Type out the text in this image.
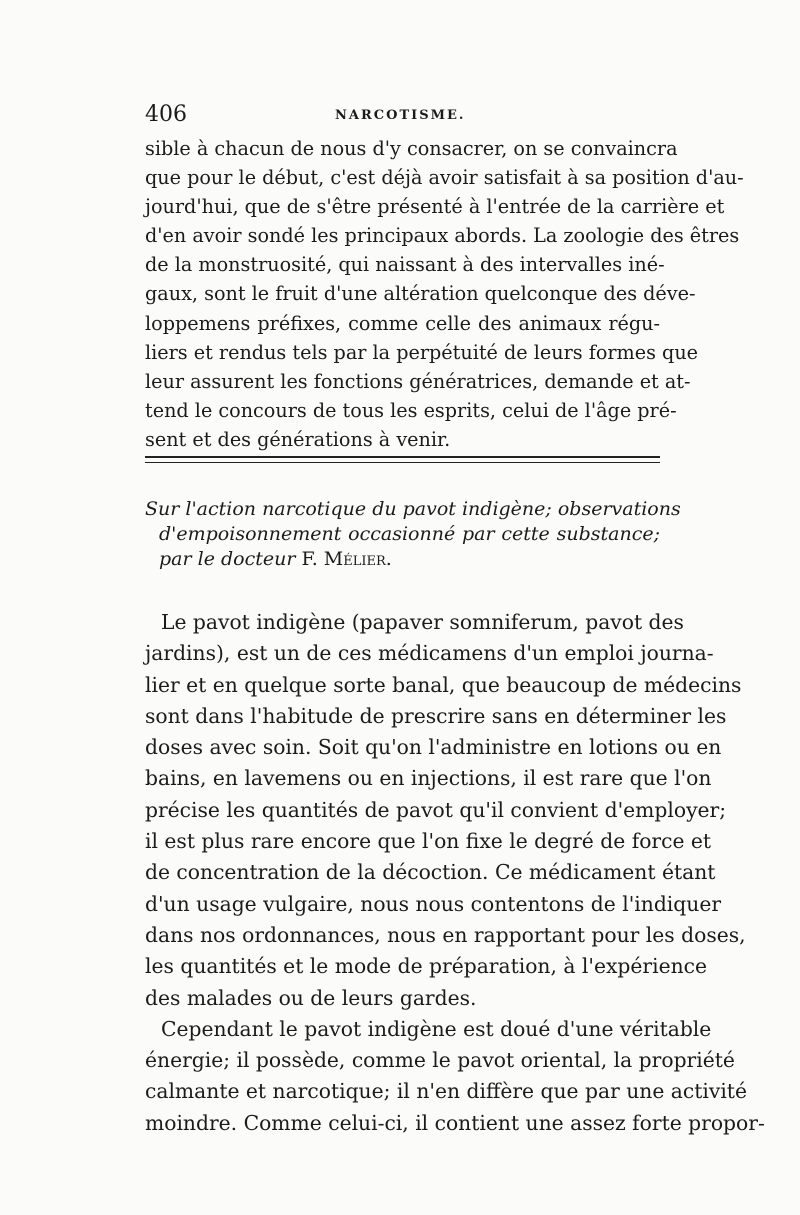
406	NARCOTISME.
sible à chacun de nous d'y consacrer, on se convaincra
que pour le début, c'est déjà avoir satisfait à sa position d'au-
jourd'hui, que de s'être présenté à l'entrée de la carrière et
d'en avoir sondé les principaux abords. La zoologie des êtres
de la monstruosité, qui naissant à des intervalles iné-
gaux, sont le fruit d'une altération quelconque des déve-
loppemens préfixes, comme celle des animaux régu-
liers et rendus tels par la perpétuité de leurs formes que
leur assurent les fonctions génératrices, demande et at-
tend le concours de tous les esprits, celui de l'âge pré-
sent et des générations à venir.
Sur l'action narcotique du pavot indigène; observations
d'empoisonnement occasionné par cette substance;
par le docteur F. Mélier.
Le pavot indigène (papaver somniferum, pavot des
jardins), est un de ces médicamens d'un emploi journa-
lier et en quelque sorte banal, que beaucoup de médecins
sont dans l'habitude de prescrire sans en déterminer les
doses avec soin. Soit qu'on l'administre en lotions ou en
bains, en lavemens ou en injections, il est rare que l'on
précise les quantités de pavot qu'il convient d'employer;
il est plus rare encore que l'on fixe le degré de force et
de concentration de la décoction. Ce médicament étant
d'un usage vulgaire, nous nous contentons de l'indiquer
dans nos ordonnances, nous en rapportant pour les doses,
les quantités et le mode de préparation, à l'expérience
des malades ou de leurs gardes.
Cependant le pavot indigène est doué d'une véritable
énergie; il possède, comme le pavot oriental, la propriété
calmante et narcotique; il n'en diffère que par une activité
moindre. Comme celui-ci, il contient une assez forte propor-
